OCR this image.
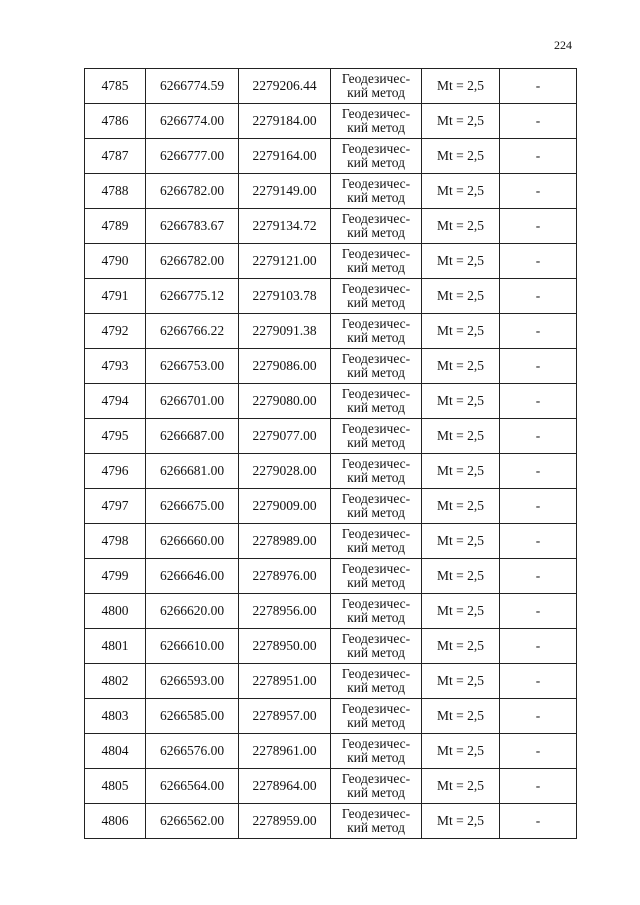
224
4785	6266774.59	2279206.44	Геодезичес-
кий метод	Mt = 2,5	-
4786	6266774.00	2279184.00	Геодезичес-
кий метод	Mt = 2,5	-
4787	6266777.00	2279164.00	Геодезичес-
кий метод	Mt = 2,5	-
4788	6266782.00	2279149.00	Геодезичес-
кий метод	Mt = 2,5	-
4789	6266783.67	2279134.72	Геодезичес-
кий метод	Mt = 2,5	-
4790	6266782.00	2279121.00	Геодезичес-
кий метод	Mt = 2,5	-
4791	6266775.12	2279103.78	Геодезичес-
кий метод	Mt = 2,5	-
4792	6266766.22	2279091.38	Геодезичес-
кий метод	Mt = 2,5	-
4793	6266753.00	2279086.00	Геодезичес-
кий метод	Mt = 2,5	-
4794	6266701.00	2279080.00	Геодезичес-
кий метод	Mt = 2,5	-
4795	6266687.00	2279077.00	Геодезичес-
кий метод	Mt = 2,5	-
4796	6266681.00	2279028.00	Геодезичес-
кий метод	Mt = 2,5	-
4797	6266675.00	2279009.00	Геодезичес-
кий метод	Mt = 2,5	-
4798	6266660.00	2278989.00	Геодезичес-
кий метод	Mt = 2,5	-
4799	6266646.00	2278976.00	Геодезичес-
кий метод	Mt = 2,5	-
4800	6266620.00	2278956.00	Геодезичес-
кий метод	Mt = 2,5	-
4801	6266610.00	2278950.00	Геодезичес-
кий метод	Mt = 2,5	-
4802	6266593.00	2278951.00	Геодезичес-
кий метод	Mt = 2,5	-
4803	6266585.00	2278957.00	Геодезичес-
кий метод	Mt = 2,5	-
4804	6266576.00	2278961.00	Геодезичес-
кий метод	Mt = 2,5	-
4805	6266564.00	2278964.00	Геодезичес-
кий метод	Mt = 2,5	-
4806	6266562.00	2278959.00	Геодезичес-
кий метод	Mt = 2,5	-
